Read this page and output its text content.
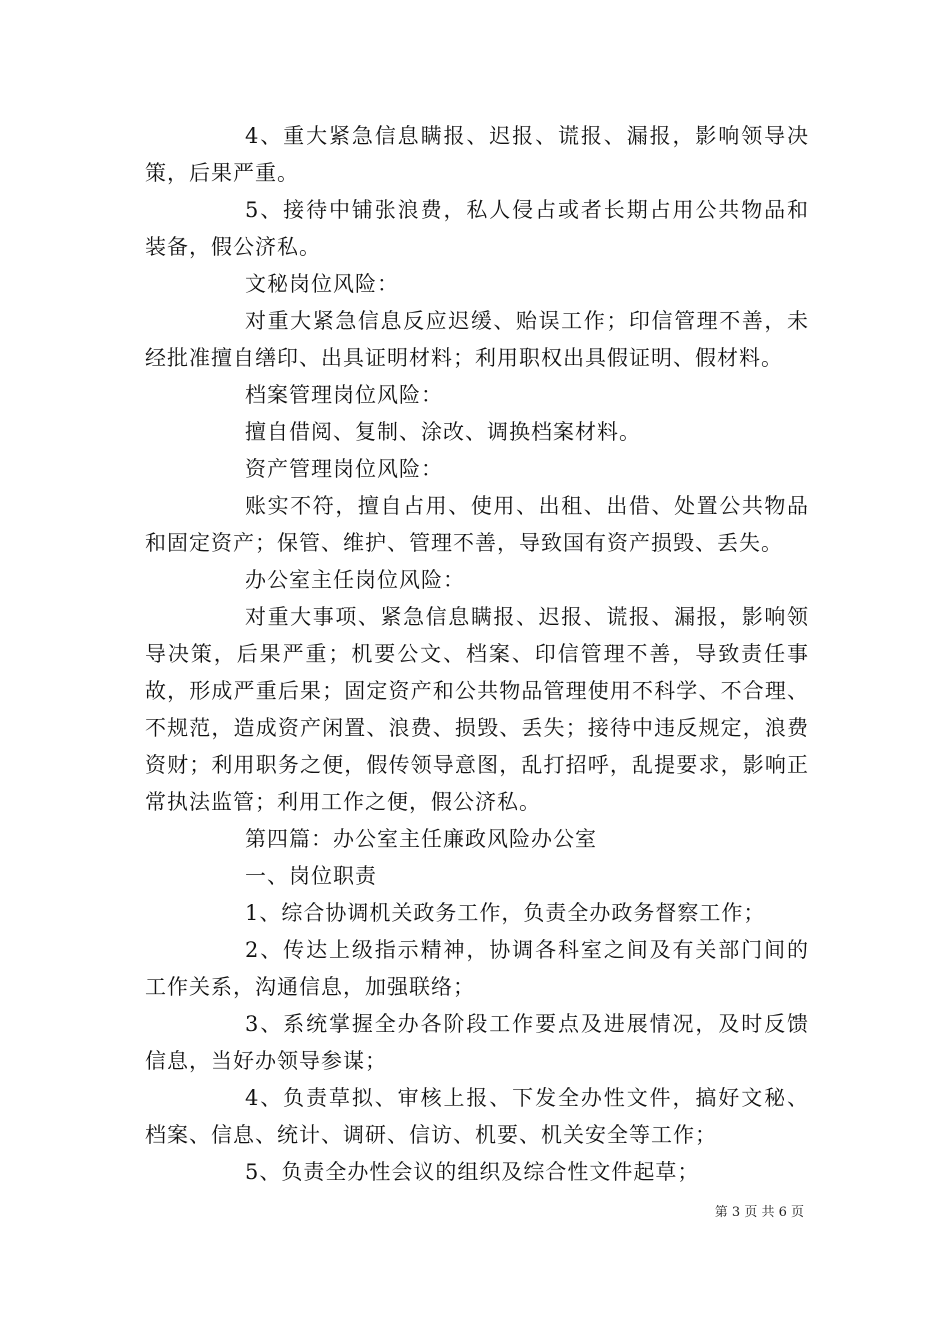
4、重大紧急信息瞒报、迟报、谎报、漏报，影响领导决策，后果严重。

5、接待中铺张浪费，私人侵占或者长期占用公共物品和装备，假公济私。

文秘岗位风险：

对重大紧急信息反应迟缓、贻误工作；印信管理不善，未经批准擅自缮印、出具证明材料；利用职权出具假证明、假材料。

档案管理岗位风险：

擅自借阅、复制、涂改、调换档案材料。

资产管理岗位风险：

账实不符，擅自占用、使用、出租、出借、处置公共物品和固定资产；保管、维护、管理不善，导致国有资产损毁、丢失。

办公室主任岗位风险：

对重大事项、紧急信息瞒报、迟报、谎报、漏报，影响领导决策，后果严重；机要公文、档案、印信管理不善，导致责任事故，形成严重后果；固定资产和公共物品管理使用不科学、不合理、不规范，造成资产闲置、浪费、损毁、丢失；接待中违反规定，浪费资财；利用职务之便，假传领导意图，乱打招呼，乱提要求，影响正常执法监管；利用工作之便，假公济私。

第四篇：办公室主任廉政风险办公室

一、岗位职责

1、综合协调机关政务工作，负责全办政务督察工作；

2、传达上级指示精神，协调各科室之间及有关部门间的工作关系，沟通信息，加强联络；

3、系统掌握全办各阶段工作要点及进展情况，及时反馈信息，当好办领导参谋；

4、负责草拟、审核上报、下发全办性文件，搞好文秘、档案、信息、统计、调研、信访、机要、机关安全等工作；

5、负责全办性会议的组织及综合性文件起草；

第 3 页 共 6 页
